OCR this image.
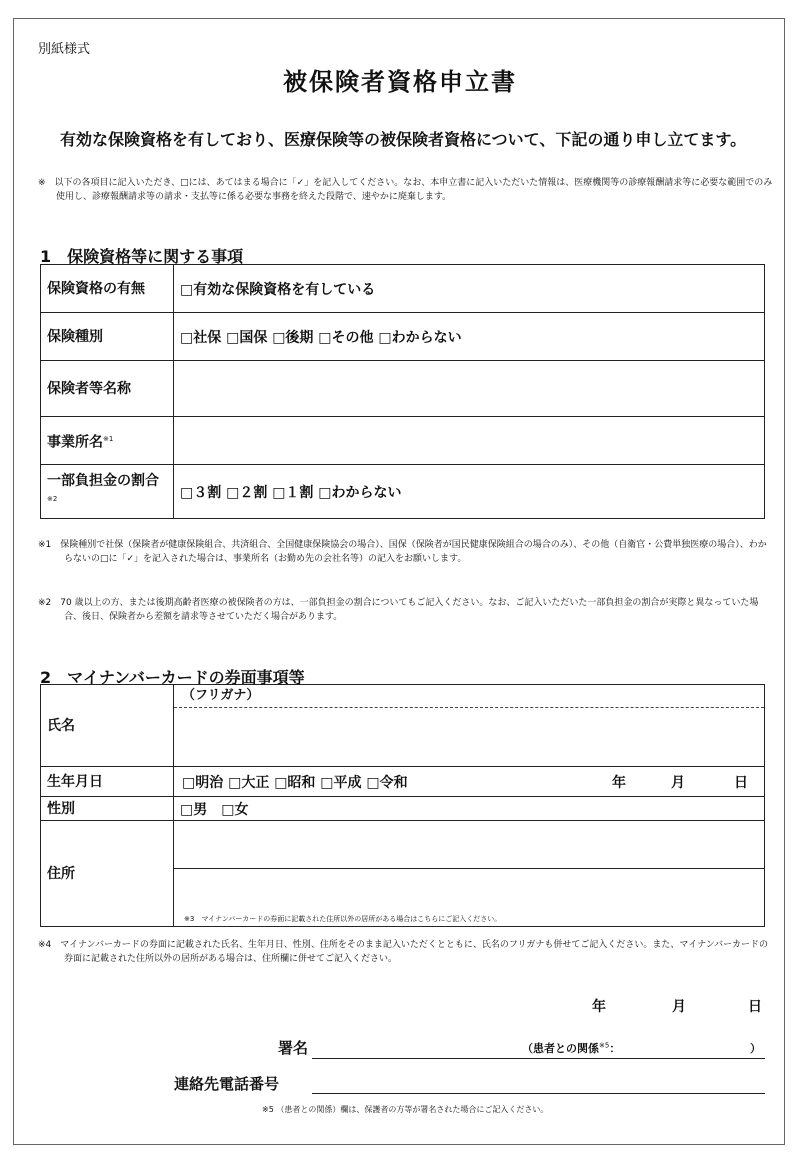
別紙様式
被保険者資格申立書
有効な保険資格を有しており、医療保険等の被保険者資格について、下記の通り申し立てます。
※　以下の各項目に記入いただき、□には、あてはまる場合に「✓」を記入してください。なお、本申立書に記入いただいた情報は、医療機関等の診療報酬請求等に必要な範囲でのみ使用し、診療報酬請求等の請求・支払等に係る必要な事務を終えた段階で、速やかに廃棄します。
1　保険資格等に関する事項
保険資格の有無	□有効な保険資格を有している
保険種別	□社保 □国保 □後期 □その他 □わからない
保険者等名称	
事業所名$^{※1}$	
一部負担金の割合$^{※2}$	□３割 □２割 □１割 □わからない
※1　保険種別で社保（保険者が健康保険組合、共済組合、全国健康保険協会の場合）、国保（保険者が国民健康保険組合の場合のみ）、その他（自衛官・公費単独医療の場合）、わからないの□に「✓」を記入された場合は、事業所名（お勤め先の会社名等）の記入をお願いします。
※2　70 歳以上の方、または後期高齢者医療の被保険者の方は、一部負担金の割合についてもご記入ください。なお、ご記入いただいた一部負担金の割合が実際と異なっていた場合、後日、保険者から差額を請求等させていただく場合があります。
2　マイナンバーカードの券面事項等
氏名	（フリガナ）

生年月日	□明治 □大正 □昭和 □平成 □令和 年 月 日

性別	□男　□女
住所	

	※3　マイナンバーカードの券面に記載された住所以外の居所がある場合はこちらにご記入ください。
※4　マイナンバーカードの券面に記載された氏名、生年月日、性別、住所をそのまま記入いただくとともに、氏名のフリガナも併せてご記入ください。また、マイナンバーカードの券面に記載された住所以外の居所がある場合は、住所欄に併せてご記入ください。
年	月	日
署名	（患者との関係$^{※5}$：	）
連絡先電話番号
※5 （患者との関係）欄は、保護者の方等が署名された場合にご記入ください。
